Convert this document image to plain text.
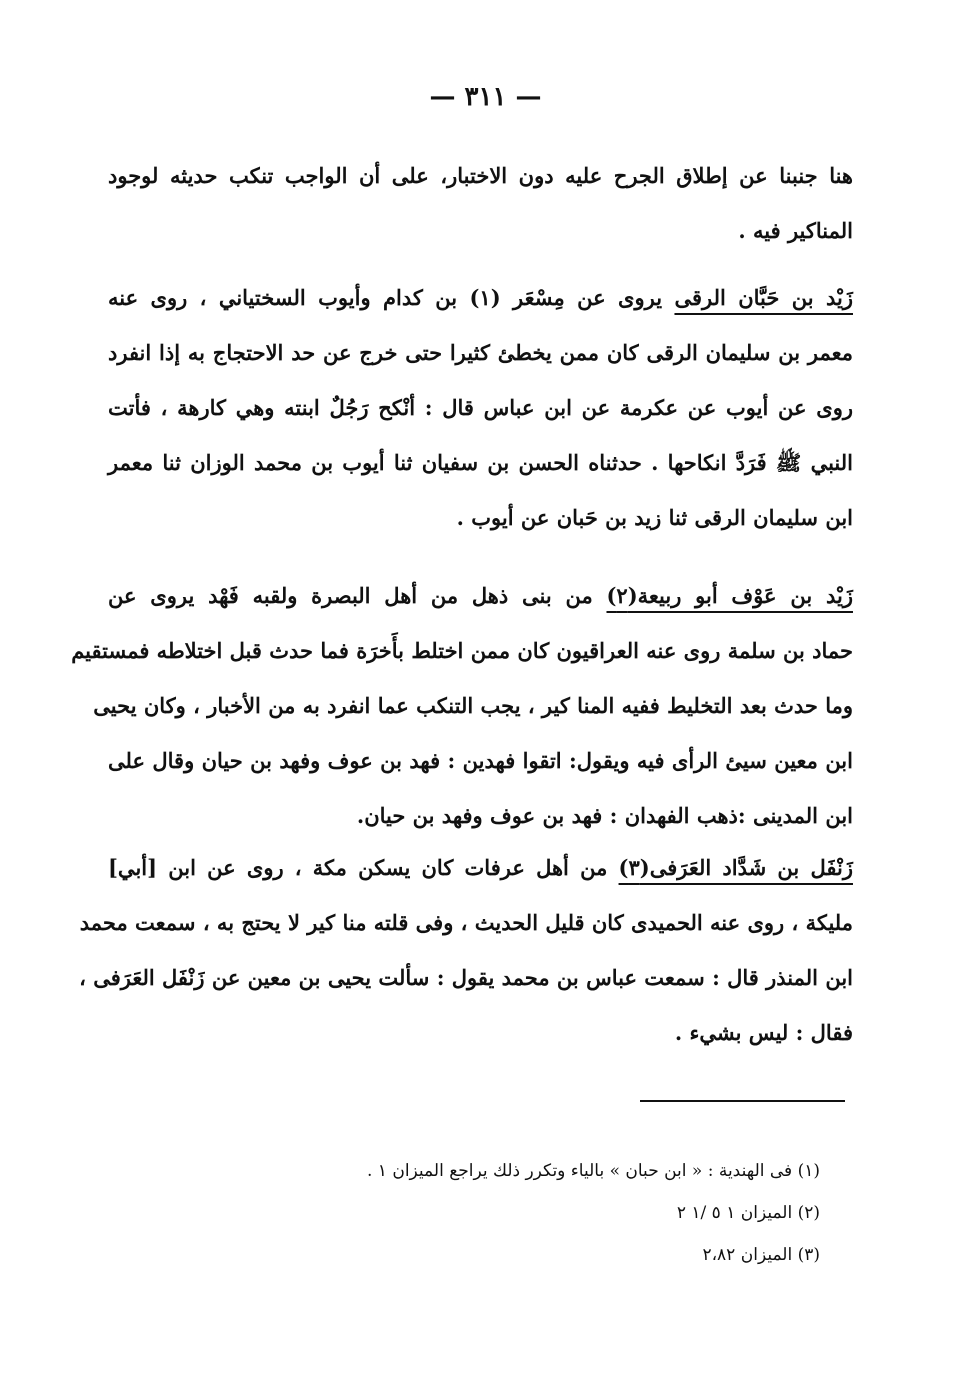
— ٣١١ —
هنا جنبنا عن إطلاق الجرح عليه دون الاختبار، على أن الواجب تنكب حديثه لوجود
المناكير فيه .
زَيْد بن حَبَّان الرقى يروى عن مِسْعَر (١) بن كدام وأيوب السختياني ، روى عنه
معمر بن سليمان الرقى كان ممن يخطئ كثيرا حتى خرج عن حد الاحتجاج به إذا انفرد
روى عن أيوب عن عكرمة عن ابن عباس قال : أنْكح رَجُلٌ ابنته وهي كارهة ، فأتت
النبي ﷺ فَرَدَّ انكاحها . حدثناه الحسن بن سفيان ثنا أيوب بن محمد الوزان ثنا معمر
ابن سليمان الرقى ثنا زيد بن حَبان عن أيوب .
زَيْد بن عَوْف أبو ربيعة(٢) من بنى ذهل من أهل البصرة ولقبه فَهْد يروى عن
حماد بن سلمة روى عنه العراقيون كان ممن اختلط بأَخرَة فما حدث قبل اختلاطه فمستقيم
وما حدث بعد التخليط ففيه المنا كير ، يجب التنكب عما انفرد به من الأخبار ، وكان يحيى
ابن معين سيئ الرأى فيه ويقول: اتقوا فهدين : فهد بن عوف وفهد بن حيان وقال على
ابن المدينى :ذهب الفهدان : فهد بن عوف وفهد بن حيان.
زَنْفَل بن شَدَّاد العَرَفى(٣) من أهل عرفات كان يسكن مكة ، روى عن ابن [أبي]
مليكة ، روى عنه الحميدى كان قليل الحديث ، وفى قلته منا كير لا يحتج به ، سمعت محمد
ابن المنذر قال : سمعت عباس بن محمد يقول : سألت يحيى بن معين عن زَنْفَل العَرَفى ،
فقال : ليس بشيء .
(١) فى الهندية : « ابن حبان » بالياء وتكرر ذلك يراجع الميزان ١ .
(٢) الميزان ١ ٥ /١ ٢
(٣) الميزان ٢،٨٢
